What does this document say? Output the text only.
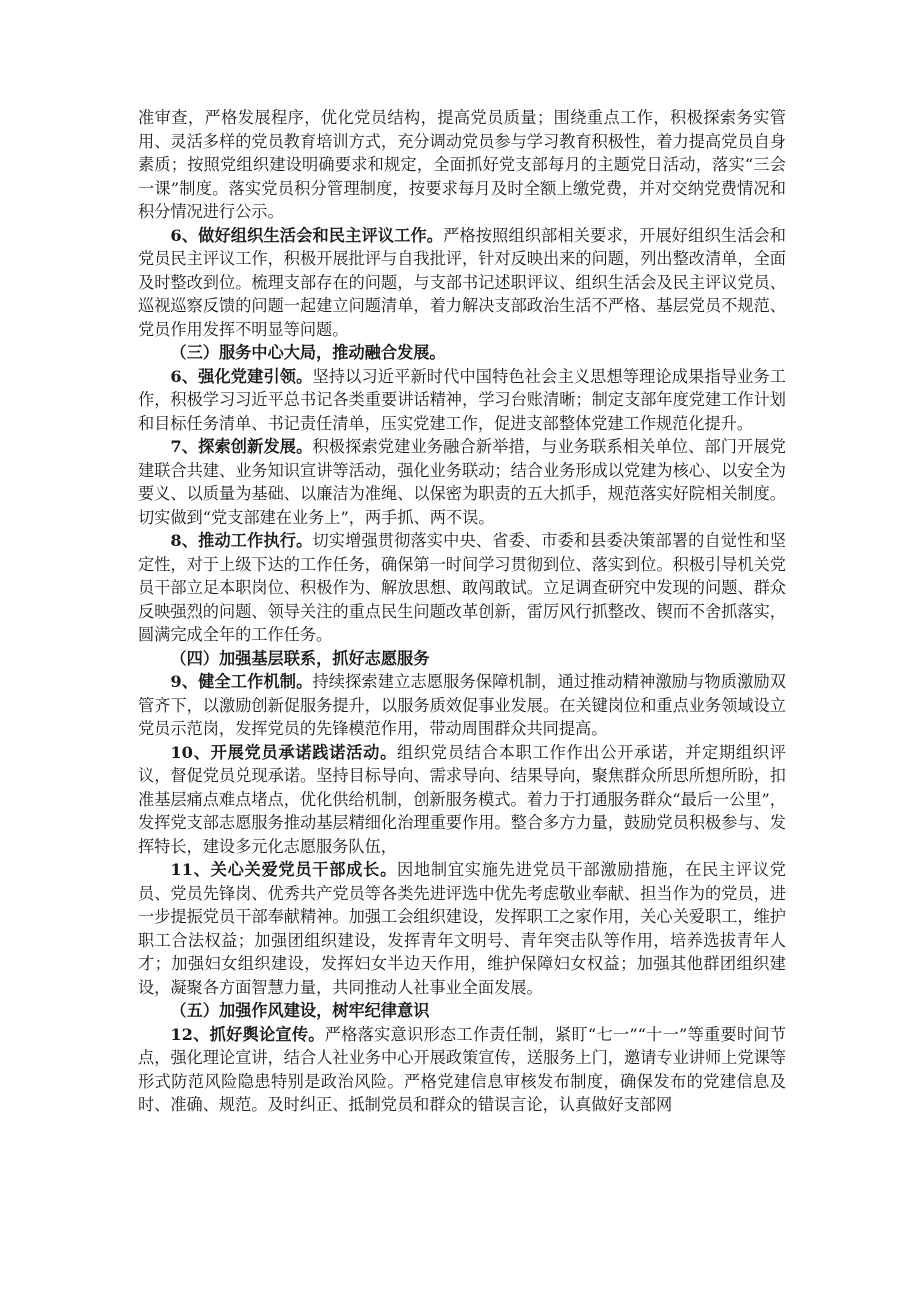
准审查，严格发展程序，优化党员结构，提高党员质量；围绕重点工作，积极探索务实管用、灵活多样的党员教育培训方式，充分调动党员参与学习教育积极性，着力提高党员自身素质；按照党组织建设明确要求和规定，全面抓好党支部每月的主题党日活动，落实“三会一课”制度。落实党员积分管理制度，按要求每月及时全额上缴党费，并对交纳党费情况和积分情况进行公示。

6、做好组织生活会和民主评议工作。严格按照组织部相关要求，开展好组织生活会和党员民主评议工作，积极开展批评与自我批评，针对反映出来的问题，列出整改清单，全面及时整改到位。梳理支部存在的问题，与支部书记述职评议、组织生活会及民主评议党员、巡视巡察反馈的问题一起建立问题清单，着力解决支部政治生活不严格、基层党员不规范、党员作用发挥不明显等问题。

（三）服务中心大局，推动融合发展。

6、强化党建引领。坚持以习近平新时代中国特色社会主义思想等理论成果指导业务工作，积极学习习近平总书记各类重要讲话精神，学习台账清晰；制定支部年度党建工作计划和目标任务清单、书记责任清单，压实党建工作，促进支部整体党建工作规范化提升。

7、探索创新发展。积极探索党建业务融合新举措，与业务联系相关单位、部门开展党建联合共建、业务知识宣讲等活动，强化业务联动；结合业务形成以党建为核心、以安全为要义、以质量为基础、以廉洁为准绳、以保密为职责的五大抓手，规范落实好院相关制度。切实做到“党支部建在业务上”，两手抓、两不误。

8、推动工作执行。切实增强贯彻落实中央、省委、市委和县委决策部署的自觉性和坚定性，对于上级下达的工作任务，确保第一时间学习贯彻到位、落实到位。积极引导机关党员干部立足本职岗位、积极作为、解放思想、敢闯敢试。立足调查研究中发现的问题、群众反映强烈的问题、领导关注的重点民生问题改革创新，雷厉风行抓整改、锲而不舍抓落实，圆满完成全年的工作任务。

（四）加强基层联系，抓好志愿服务

9、健全工作机制。持续探索建立志愿服务保障机制，通过推动精神激励与物质激励双管齐下，以激励创新促服务提升，以服务质效促事业发展。在关键岗位和重点业务领域设立党员示范岗，发挥党员的先锋模范作用，带动周围群众共同提高。

10、开展党员承诺践诺活动。组织党员结合本职工作作出公开承诺，并定期组织评议，督促党员兑现承诺。坚持目标导向、需求导向、结果导向，聚焦群众所思所想所盼，扣准基层痛点难点堵点，优化供给机制，创新服务模式。着力于打通服务群众“最后一公里”，发挥党支部志愿服务推动基层精细化治理重要作用。整合多方力量，鼓励党员积极参与、发挥特长，建设多元化志愿服务队伍，

11、关心关爱党员干部成长。因地制宜实施先进党员干部激励措施，在民主评议党员、党员先锋岗、优秀共产党员等各类先进评选中优先考虑敬业奉献、担当作为的党员，进一步提振党员干部奉献精神。加强工会组织建设，发挥职工之家作用，关心关爱职工，维护职工合法权益；加强团组织建设，发挥青年文明号、青年突击队等作用，培养选拔青年人才；加强妇女组织建设，发挥妇女半边天作用，维护保障妇女权益；加强其他群团组织建设，凝聚各方面智慧力量，共同推动人社事业全面发展。

（五）加强作风建设，树牢纪律意识

12、抓好舆论宣传。严格落实意识形态工作责任制，紧盯“七一”“十一”等重要时间节点，强化理论宣讲，结合人社业务中心开展政策宣传，送服务上门，邀请专业讲师上党课等形式防范风险隐患特别是政治风险。严格党建信息审核发布制度，确保发布的党建信息及时、准确、规范。及时纠正、抵制党员和群众的错误言论，认真做好支部网
